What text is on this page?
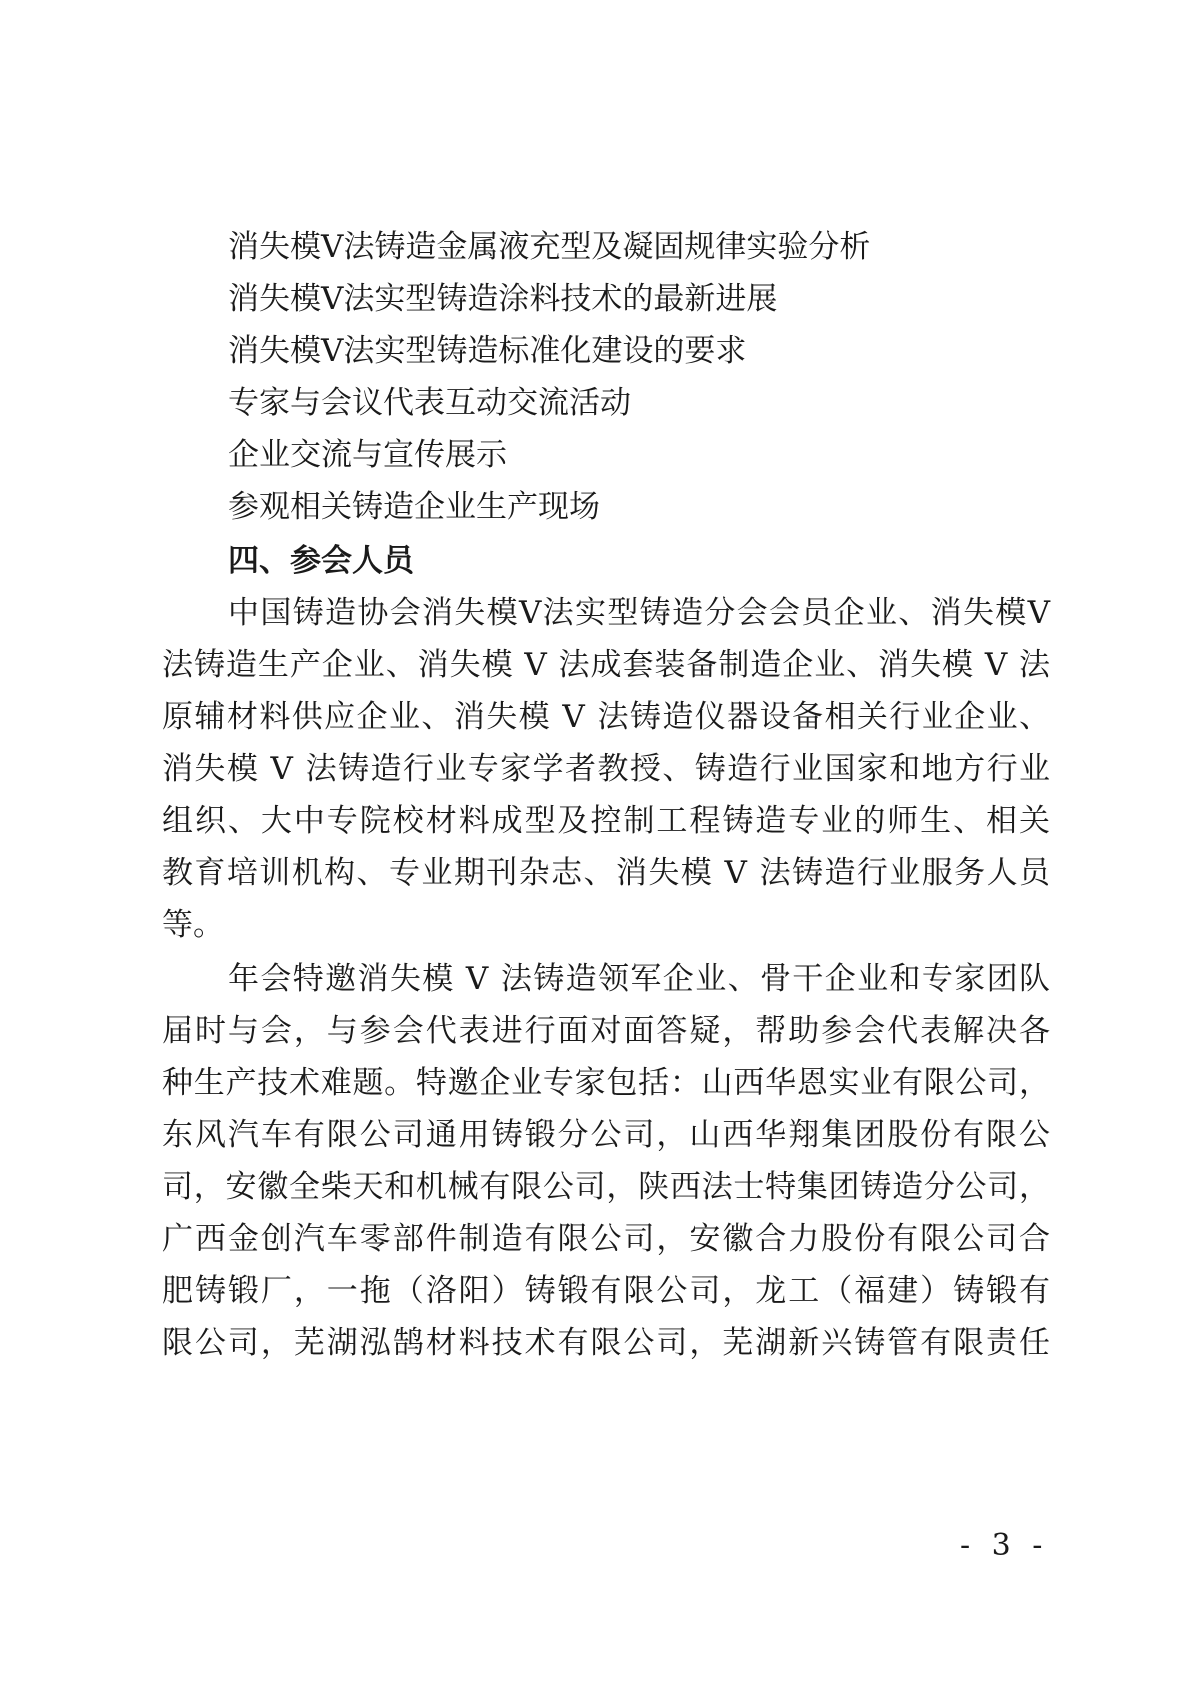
消失模Ⅴ法铸造金属液充型及凝固规律实验分析
消失模Ⅴ法实型铸造涂料技术的最新进展
消失模Ⅴ法实型铸造标准化建设的要求
专家与会议代表互动交流活动
企业交流与宣传展示
参观相关铸造企业生产现场
四、参会人员
中国铸造协会消失模Ⅴ法实型铸造分会会员企业、消失模Ⅴ
法铸造生产企业、消失模 Ⅴ 法成套装备制造企业、消失模 Ⅴ 法
原辅材料供应企业、消失模 Ⅴ 法铸造仪器设备相关行业企业、
消失模 Ⅴ 法铸造行业专家学者教授、铸造行业国家和地方行业
组织、大中专院校材料成型及控制工程铸造专业的师生、相关
教育培训机构、专业期刊杂志、消失模 Ⅴ 法铸造行业服务人员
等。
年会特邀消失模 Ⅴ 法铸造领军企业、骨干企业和专家团队
届时与会，与参会代表进行面对面答疑，帮助参会代表解决各
种生产技术难题。特邀企业专家包括：山西华恩实业有限公司，
东风汽车有限公司通用铸锻分公司，山西华翔集团股份有限公
司，安徽全柴天和机械有限公司，陕西法士特集团铸造分公司，
广西金创汽车零部件制造有限公司，安徽合力股份有限公司合
肥铸锻厂，一拖（洛阳）铸锻有限公司，龙工（福建）铸锻有
限公司，芜湖泓鹄材料技术有限公司，芜湖新兴铸管有限责任
- 3 -
